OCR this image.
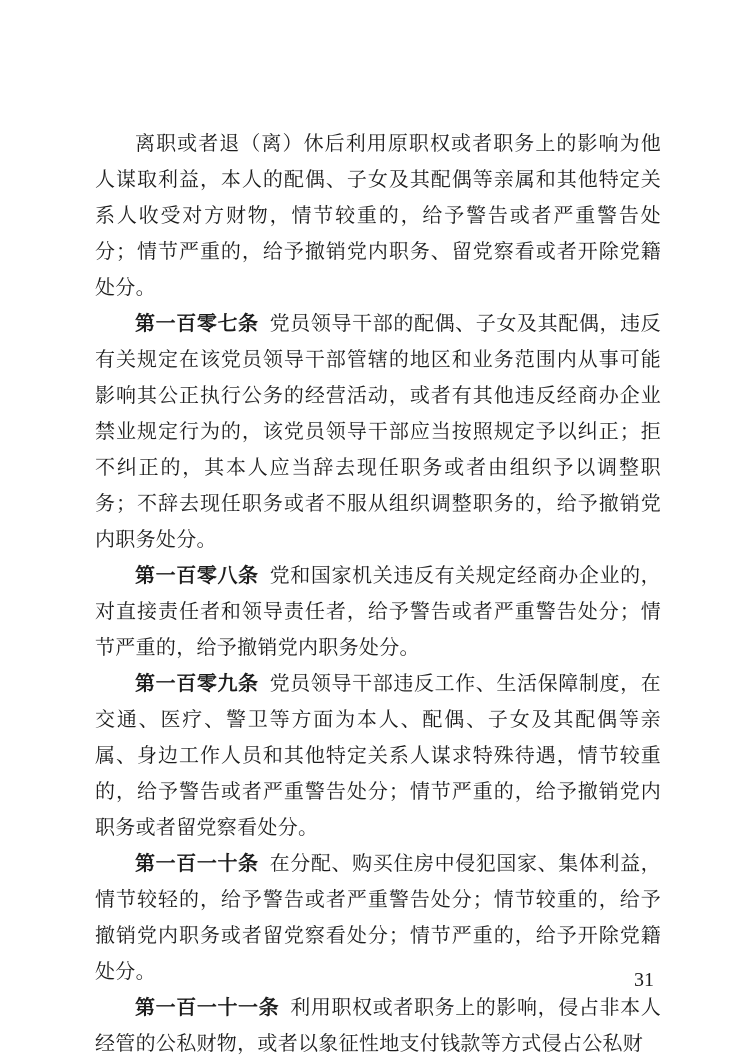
离职或者退（离）休后利用原职权或者职务上的影响为他人谋取利益，本人的配偶、子女及其配偶等亲属和其他特定关系人收受对方财物，情节较重的，给予警告或者严重警告处分；情节严重的，给予撤销党内职务、留党察看或者开除党籍处分。

第一百零七条 党员领导干部的配偶、子女及其配偶，违反有关规定在该党员领导干部管辖的地区和业务范围内从事可能影响其公正执行公务的经营活动，或者有其他违反经商办企业禁业规定行为的，该党员领导干部应当按照规定予以纠正；拒不纠正的，其本人应当辞去现任职务或者由组织予以调整职务；不辞去现任职务或者不服从组织调整职务的，给予撤销党内职务处分。

第一百零八条 党和国家机关违反有关规定经商办企业的，对直接责任者和领导责任者，给予警告或者严重警告处分；情节严重的，给予撤销党内职务处分。

第一百零九条 党员领导干部违反工作、生活保障制度，在交通、医疗、警卫等方面为本人、配偶、子女及其配偶等亲属、身边工作人员和其他特定关系人谋求特殊待遇，情节较重的，给予警告或者严重警告处分；情节严重的，给予撤销党内职务或者留党察看处分。

第一百一十条 在分配、购买住房中侵犯国家、集体利益，情节较轻的，给予警告或者严重警告处分；情节较重的，给予撤销党内职务或者留党察看处分；情节严重的，给予开除党籍处分。

第一百一十一条 利用职权或者职务上的影响，侵占非本人经管的公私财物，或者以象征性地支付钱款等方式侵占公私财

31
